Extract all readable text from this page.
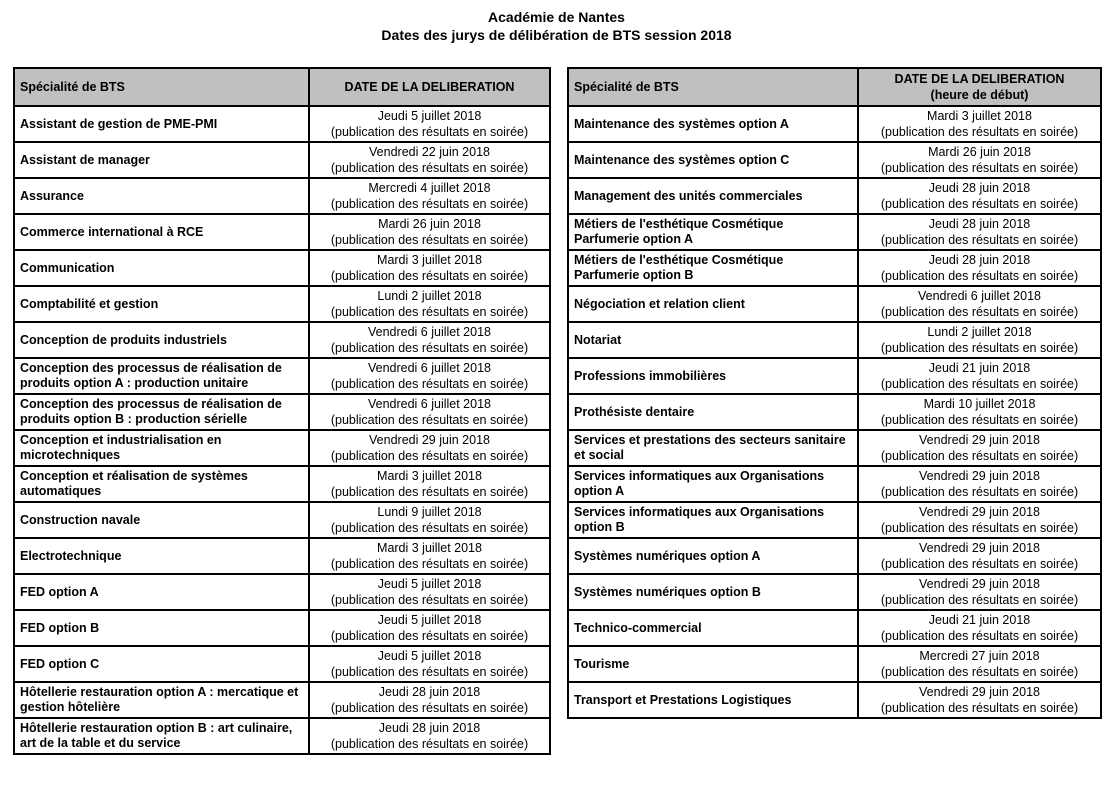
Académie de Nantes
Dates des jurys de délibération de BTS session 2018
Spécialité de BTS	DATE DE LA DELIBERATION

Assistant de gestion de PME-PMI	Jeudi 5 juillet 2018
(publication des résultats en soirée)

Assistant de manager	Vendredi 22 juin 2018
(publication des résultats en soirée)

Assurance	Mercredi 4 juillet 2018
(publication des résultats en soirée)

Commerce international à RCE	Mardi 26 juin 2018
(publication des résultats en soirée)

Communication	Mardi 3 juillet 2018
(publication des résultats en soirée)

Comptabilité et gestion	Lundi 2 juillet 2018
(publication des résultats en soirée)

Conception de produits industriels	Vendredi 6 juillet 2018
(publication des résultats en soirée)

Conception des processus de réalisation de produits option A : production unitaire	Vendredi 6 juillet 2018
(publication des résultats en soirée)

Conception des processus de réalisation de produits option B : production sérielle	Vendredi 6 juillet 2018
(publication des résultats en soirée)

Conception et industrialisation en microtechniques	Vendredi 29 juin 2018
(publication des résultats en soirée)

Conception et réalisation de systèmes automatiques	Mardi 3 juillet 2018
(publication des résultats en soirée)

Construction navale	Lundi 9 juillet 2018
(publication des résultats en soirée)

Electrotechnique	Mardi 3 juillet 2018
(publication des résultats en soirée)

FED option A	Jeudi 5 juillet 2018
(publication des résultats en soirée)

FED option B	Jeudi 5 juillet 2018
(publication des résultats en soirée)

FED option C	Jeudi 5 juillet 2018
(publication des résultats en soirée)

Hôtellerie restauration option A : mercatique et gestion hôtelière	Jeudi 28 juin 2018
(publication des résultats en soirée)

Hôtellerie restauration option B : art culinaire, art de la table et du service	Jeudi 28 juin 2018
(publication des résultats en soirée)
Spécialité de BTS	DATE DE LA DELIBERATION
(heure de début)

Maintenance des systèmes option A	Mardi 3 juillet 2018
(publication des résultats en soirée)

Maintenance des systèmes option C	Mardi 26 juin 2018
(publication des résultats en soirée)

Management des unités commerciales	Jeudi 28 juin 2018
(publication des résultats en soirée)

Métiers de l'esthétique Cosmétique Parfumerie option A	Jeudi 28 juin 2018
(publication des résultats en soirée)

Métiers de l'esthétique Cosmétique Parfumerie option B	Jeudi 28 juin 2018
(publication des résultats en soirée)

Négociation et relation client	Vendredi 6 juillet 2018
(publication des résultats en soirée)

Notariat	Lundi 2 juillet 2018
(publication des résultats en soirée)

Professions immobilières	Jeudi 21 juin 2018
(publication des résultats en soirée)

Prothésiste dentaire	Mardi 10 juillet 2018
(publication des résultats en soirée)

Services et prestations des secteurs sanitaire et social	Vendredi 29 juin 2018
(publication des résultats en soirée)

Services informatiques aux Organisations option A	Vendredi 29 juin 2018
(publication des résultats en soirée)

Services informatiques aux Organisations option B	Vendredi 29 juin 2018
(publication des résultats en soirée)

Systèmes numériques option A	Vendredi 29 juin 2018
(publication des résultats en soirée)

Systèmes numériques option B	Vendredi 29 juin 2018
(publication des résultats en soirée)

Technico-commercial	Jeudi 21 juin 2018
(publication des résultats en soirée)

Tourisme	Mercredi 27 juin 2018
(publication des résultats en soirée)

Transport et Prestations Logistiques	Vendredi 29 juin 2018
(publication des résultats en soirée)
